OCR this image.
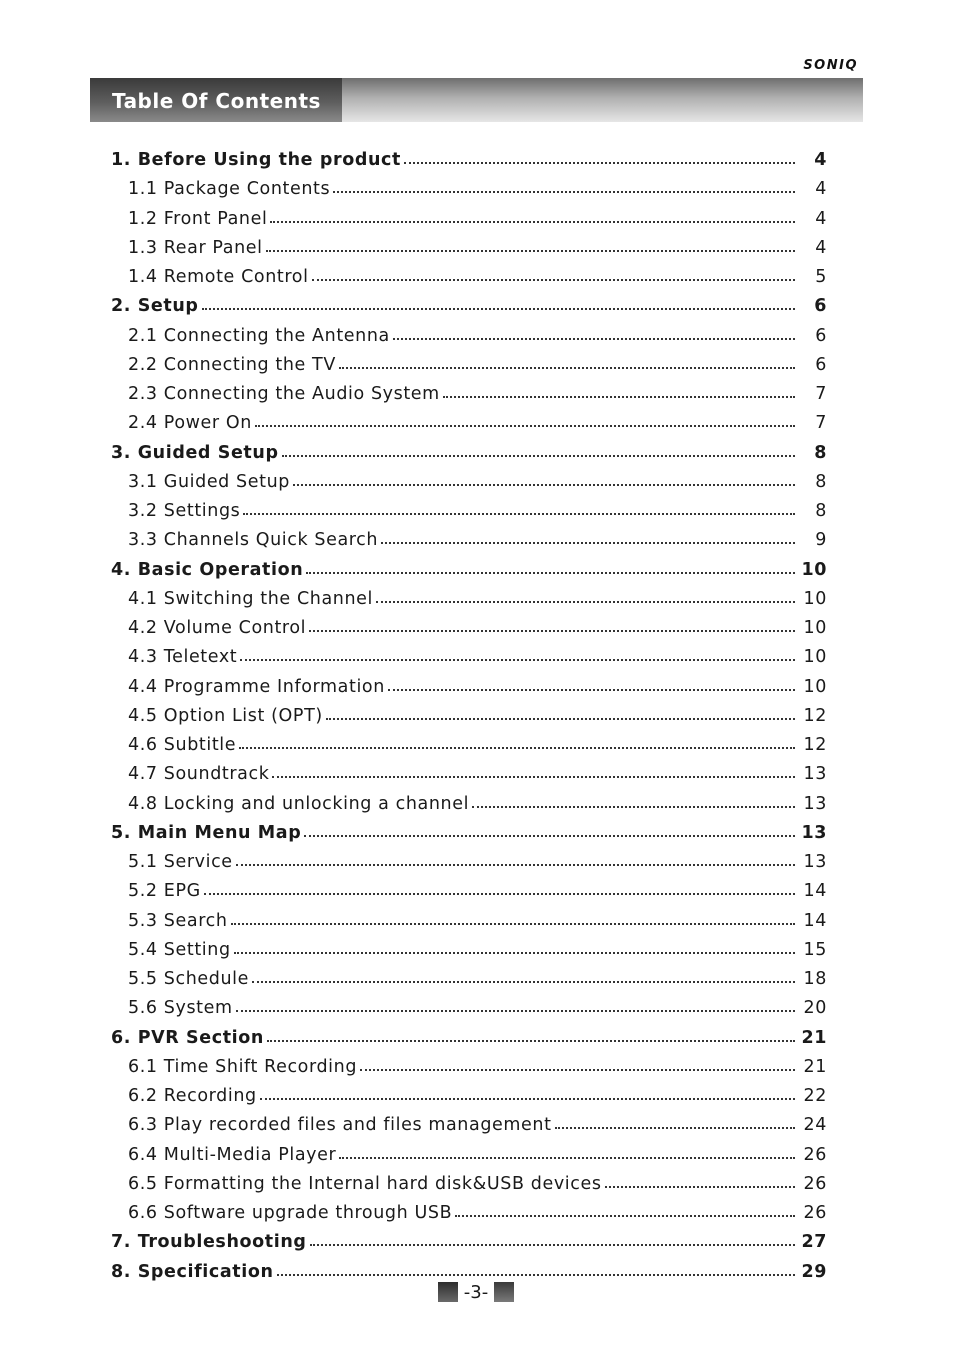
SONIQ
Table Of Contents
1. Before Using the product	4
1.1 Package Contents	4
1.2 Front Panel	4
1.3 Rear Panel	4
1.4 Remote Control	5
2. Setup	6
2.1 Connecting the Antenna	6
2.2 Connecting the TV	6
2.3 Connecting the Audio System	7
2.4 Power On	7
3. Guided Setup	8
3.1 Guided Setup	8
3.2 Settings	8
3.3 Channels Quick Search	9
4. Basic Operation	10
4.1 Switching the Channel	10
4.2 Volume Control	10
4.3 Teletext	10
4.4 Programme Information	10
4.5 Option List (OPT)	12
4.6 Subtitle	12
4.7 Soundtrack	13
4.8 Locking and unlocking a channel	13
5. Main Menu Map	13
5.1 Service	13
5.2 EPG	14
5.3 Search	14
5.4 Setting	15
5.5 Schedule	18
5.6 System	20
6. PVR Section	21
6.1 Time Shift Recording	21
6.2 Recording	22
6.3 Play recorded files and files management	24
6.4 Multi-Media Player	26
6.5 Formatting the Internal hard disk&USB devices	26
6.6 Software upgrade through USB	26
7. Troubleshooting	27
8. Specification	29
-3-
